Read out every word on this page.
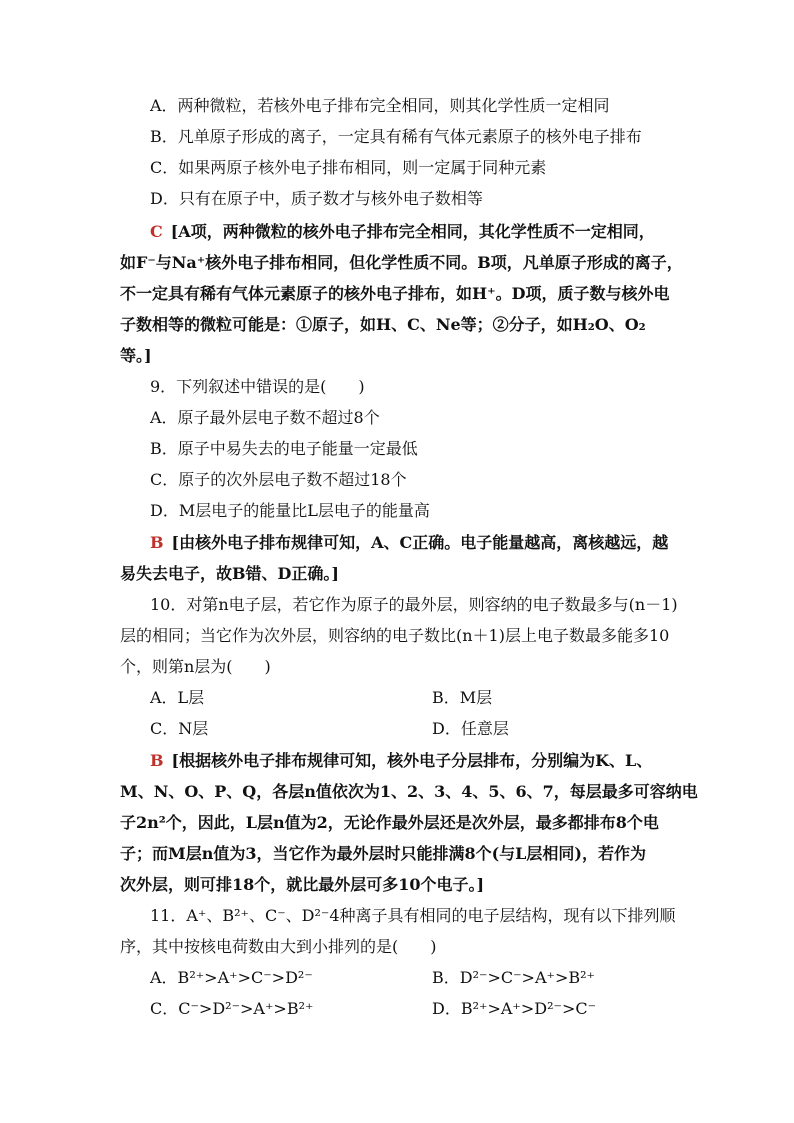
A．两种微粒，若核外电子排布完全相同，则其化学性质一定相同
B．凡单原子形成的离子，一定具有稀有气体元素原子的核外电子排布
C．如果两原子核外电子排布相同，则一定属于同种元素
D．只有在原子中，质子数才与核外电子数相等
C [A项，两种微粒的核外电子排布完全相同，其化学性质不一定相同，
如F⁻与Na⁺核外电子排布相同，但化学性质不同。B项，凡单原子形成的离子，
不一定具有稀有气体元素原子的核外电子排布，如H⁺。D项，质子数与核外电
子数相等的微粒可能是：①原子，如H、C、Ne等；②分子，如H₂O、O₂
等。]
9．下列叙述中错误的是(　　)
A．原子最外层电子数不超过8个
B．原子中易失去的电子能量一定最低
C．原子的次外层电子数不超过18个
D．M层电子的能量比L层电子的能量高
B [由核外电子排布规律可知，A、C正确。电子能量越高，离核越远，越
易失去电子，故B错、D正确。]
10．对第n电子层，若它作为原子的最外层，则容纳的电子数最多与(n－1)
层的相同；当它作为次外层，则容纳的电子数比(n＋1)层上电子数最多能多10
个，则第n层为(　　)
A．L层	B．M层
C．N层	D．任意层
B [根据核外电子排布规律可知，核外电子分层排布，分别编为K、L、
M、N、O、P、Q，各层n值依次为1、2、3、4、5、6、7，每层最多可容纳电
子2n²个，因此，L层n值为2，无论作最外层还是次外层，最多都排布8个电
子；而M层n值为3，当它作为最外层时只能排满8个(与L层相同)，若作为
次外层，则可排18个，就比最外层可多10个电子。]
11．A⁺、B²⁺、C⁻、D²⁻4种离子具有相同的电子层结构，现有以下排列顺
序，其中按核电荷数由大到小排列的是(　　)
A．B²⁺>A⁺>C⁻>D²⁻	B．D²⁻>C⁻>A⁺>B²⁺
C．C⁻>D²⁻>A⁺>B²⁺	D．B²⁺>A⁺>D²⁻>C⁻
